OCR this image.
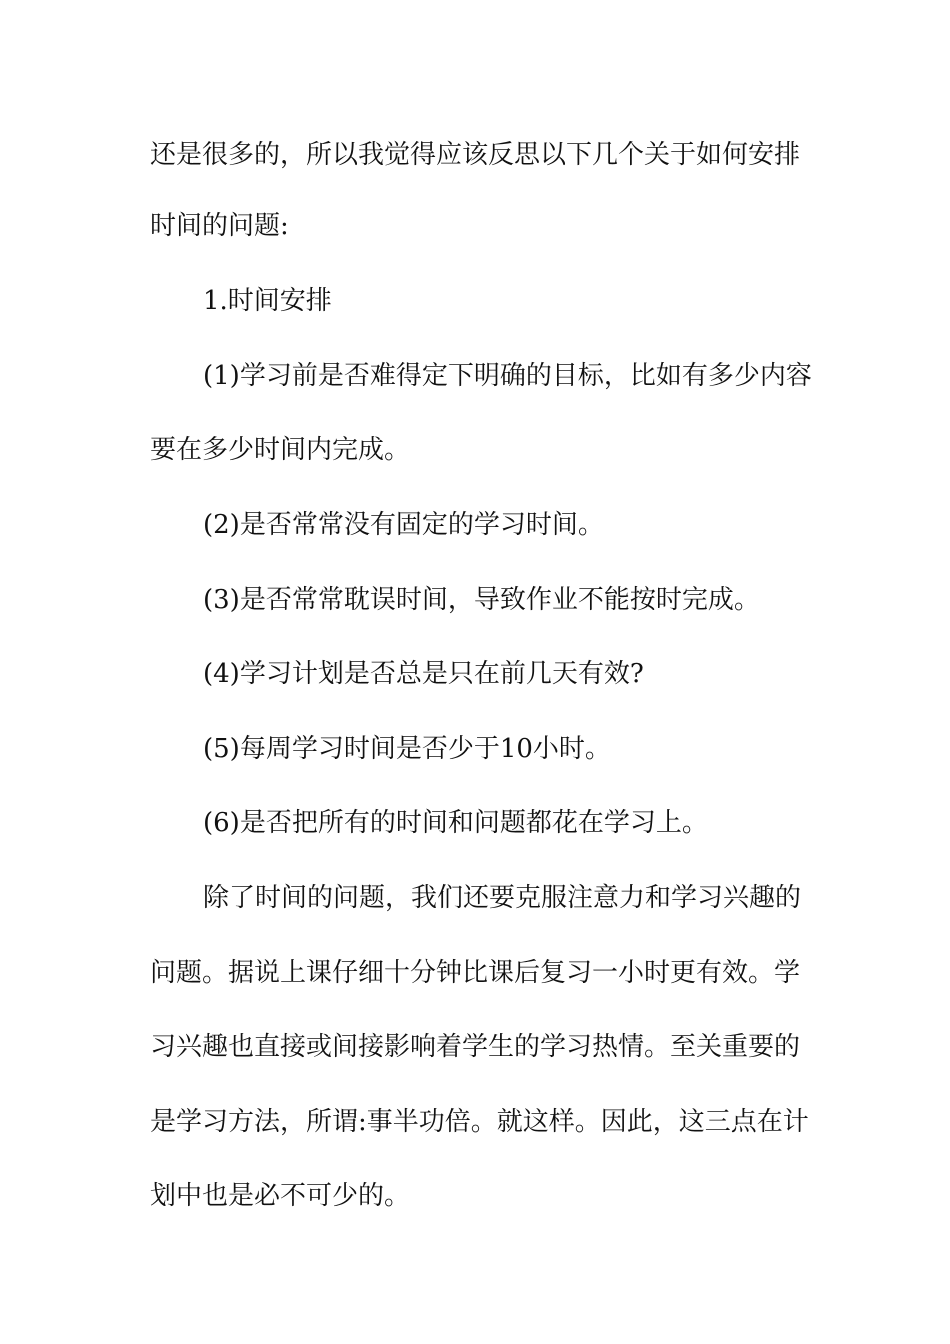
还是很多的，所以我觉得应该反思以下几个关于如何安排
时间的问题:
1.时间安排
(1)学习前是否难得定下明确的目标，比如有多少内容
要在多少时间内完成。
(2)是否常常没有固定的学习时间。
(3)是否常常耽误时间，导致作业不能按时完成。
(4)学习计划是否总是只在前几天有效?
(5)每周学习时间是否少于10小时。
(6)是否把所有的时间和问题都花在学习上。
除了时间的问题，我们还要克服注意力和学习兴趣的
问题。据说上课仔细十分钟比课后复习一小时更有效。学
习兴趣也直接或间接影响着学生的学习热情。至关重要的
是学习方法，所谓:事半功倍。就这样。因此，这三点在计
划中也是必不可少的。
